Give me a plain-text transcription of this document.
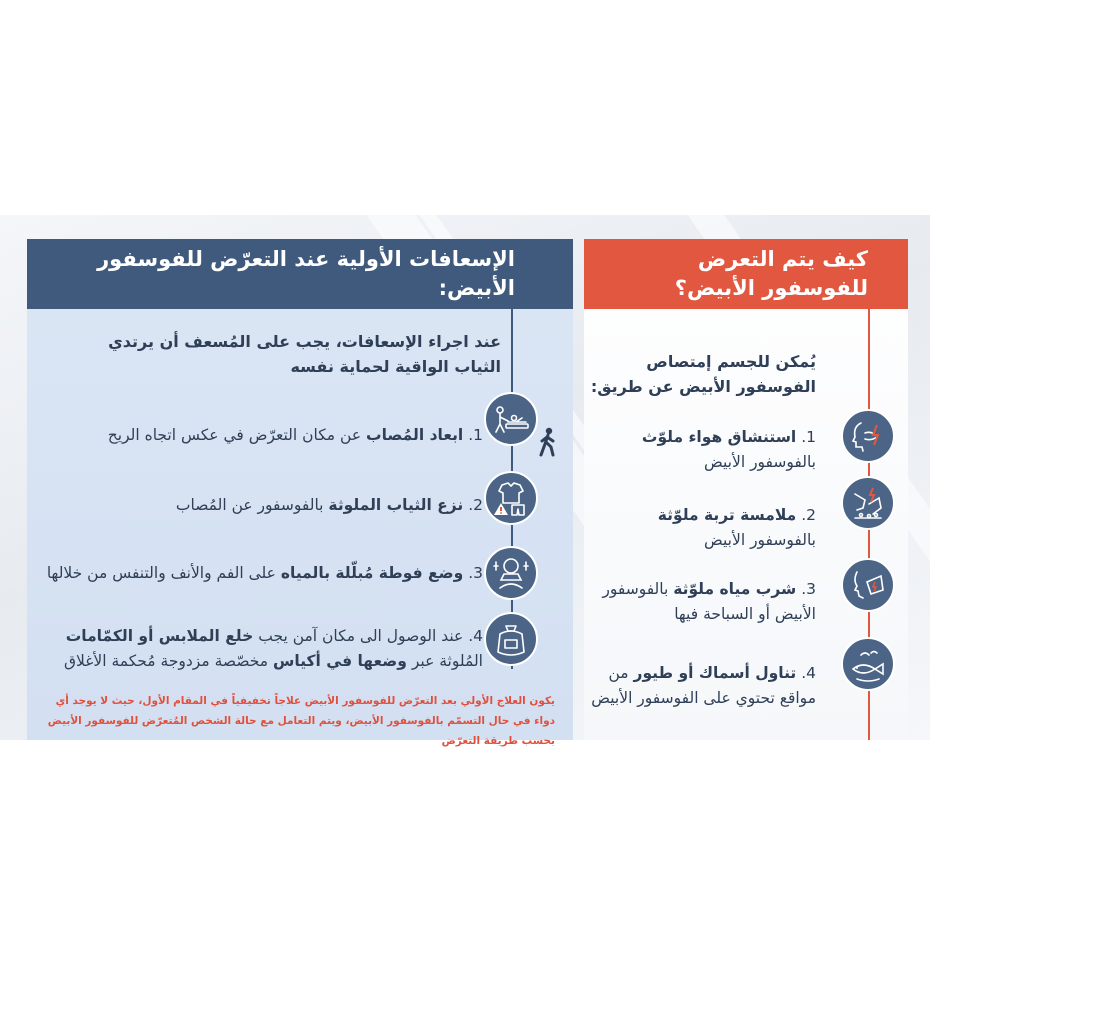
الإسعافات الأولية عند التعرّض للفوسفور الأبيض:
عند اجراء الإسعافات، يجب على المُسعف أن يرتدي الثياب الواقية لحماية نفسه
1. ابعاد المُصاب عن مكان التعرّض في عكس اتجاه الريح
2. نزع الثياب الملوثة بالفوسفور عن المُصاب
3. وضع فوطة مُبلّلة بالمياه على الفم والأنف والتنفس من خلالها
4. عند الوصول الى مكان آمن يجب خلع الملابس أو الكمّامات
المُلوثة عبر وضعها في أكياس مخصّصة مزدوجة مُحكمة الأغلاق
يكون العلاج الأولي بعد التعرّض للفوسفور الأبيض علاجاً تخفيفياً في المقام الأول، حيث لا يوجد أي دواء في حال التسمّم بالفوسفور الأبيض، ويتم التعامل مع حالة الشخص المُتعرّض للفوسفور الأبيض بحسب طريقة التعرّض
كيف يتم التعرض للفوسفور الأبيض؟
يُمكن للجسم إمتصاص الفوسفور الأبيض عن طريق:
1. استنشاق هواء ملوّث بالفوسفور الأبيض
2. ملامسة تربة ملوّثة بالفوسفور الأبيض
3. شرب مياه ملوّثة بالفوسفور الأبيض أو السباحة فيها
4. تناول أسماك أو طيور من مواقع تحتوي على الفوسفور الأبيض
